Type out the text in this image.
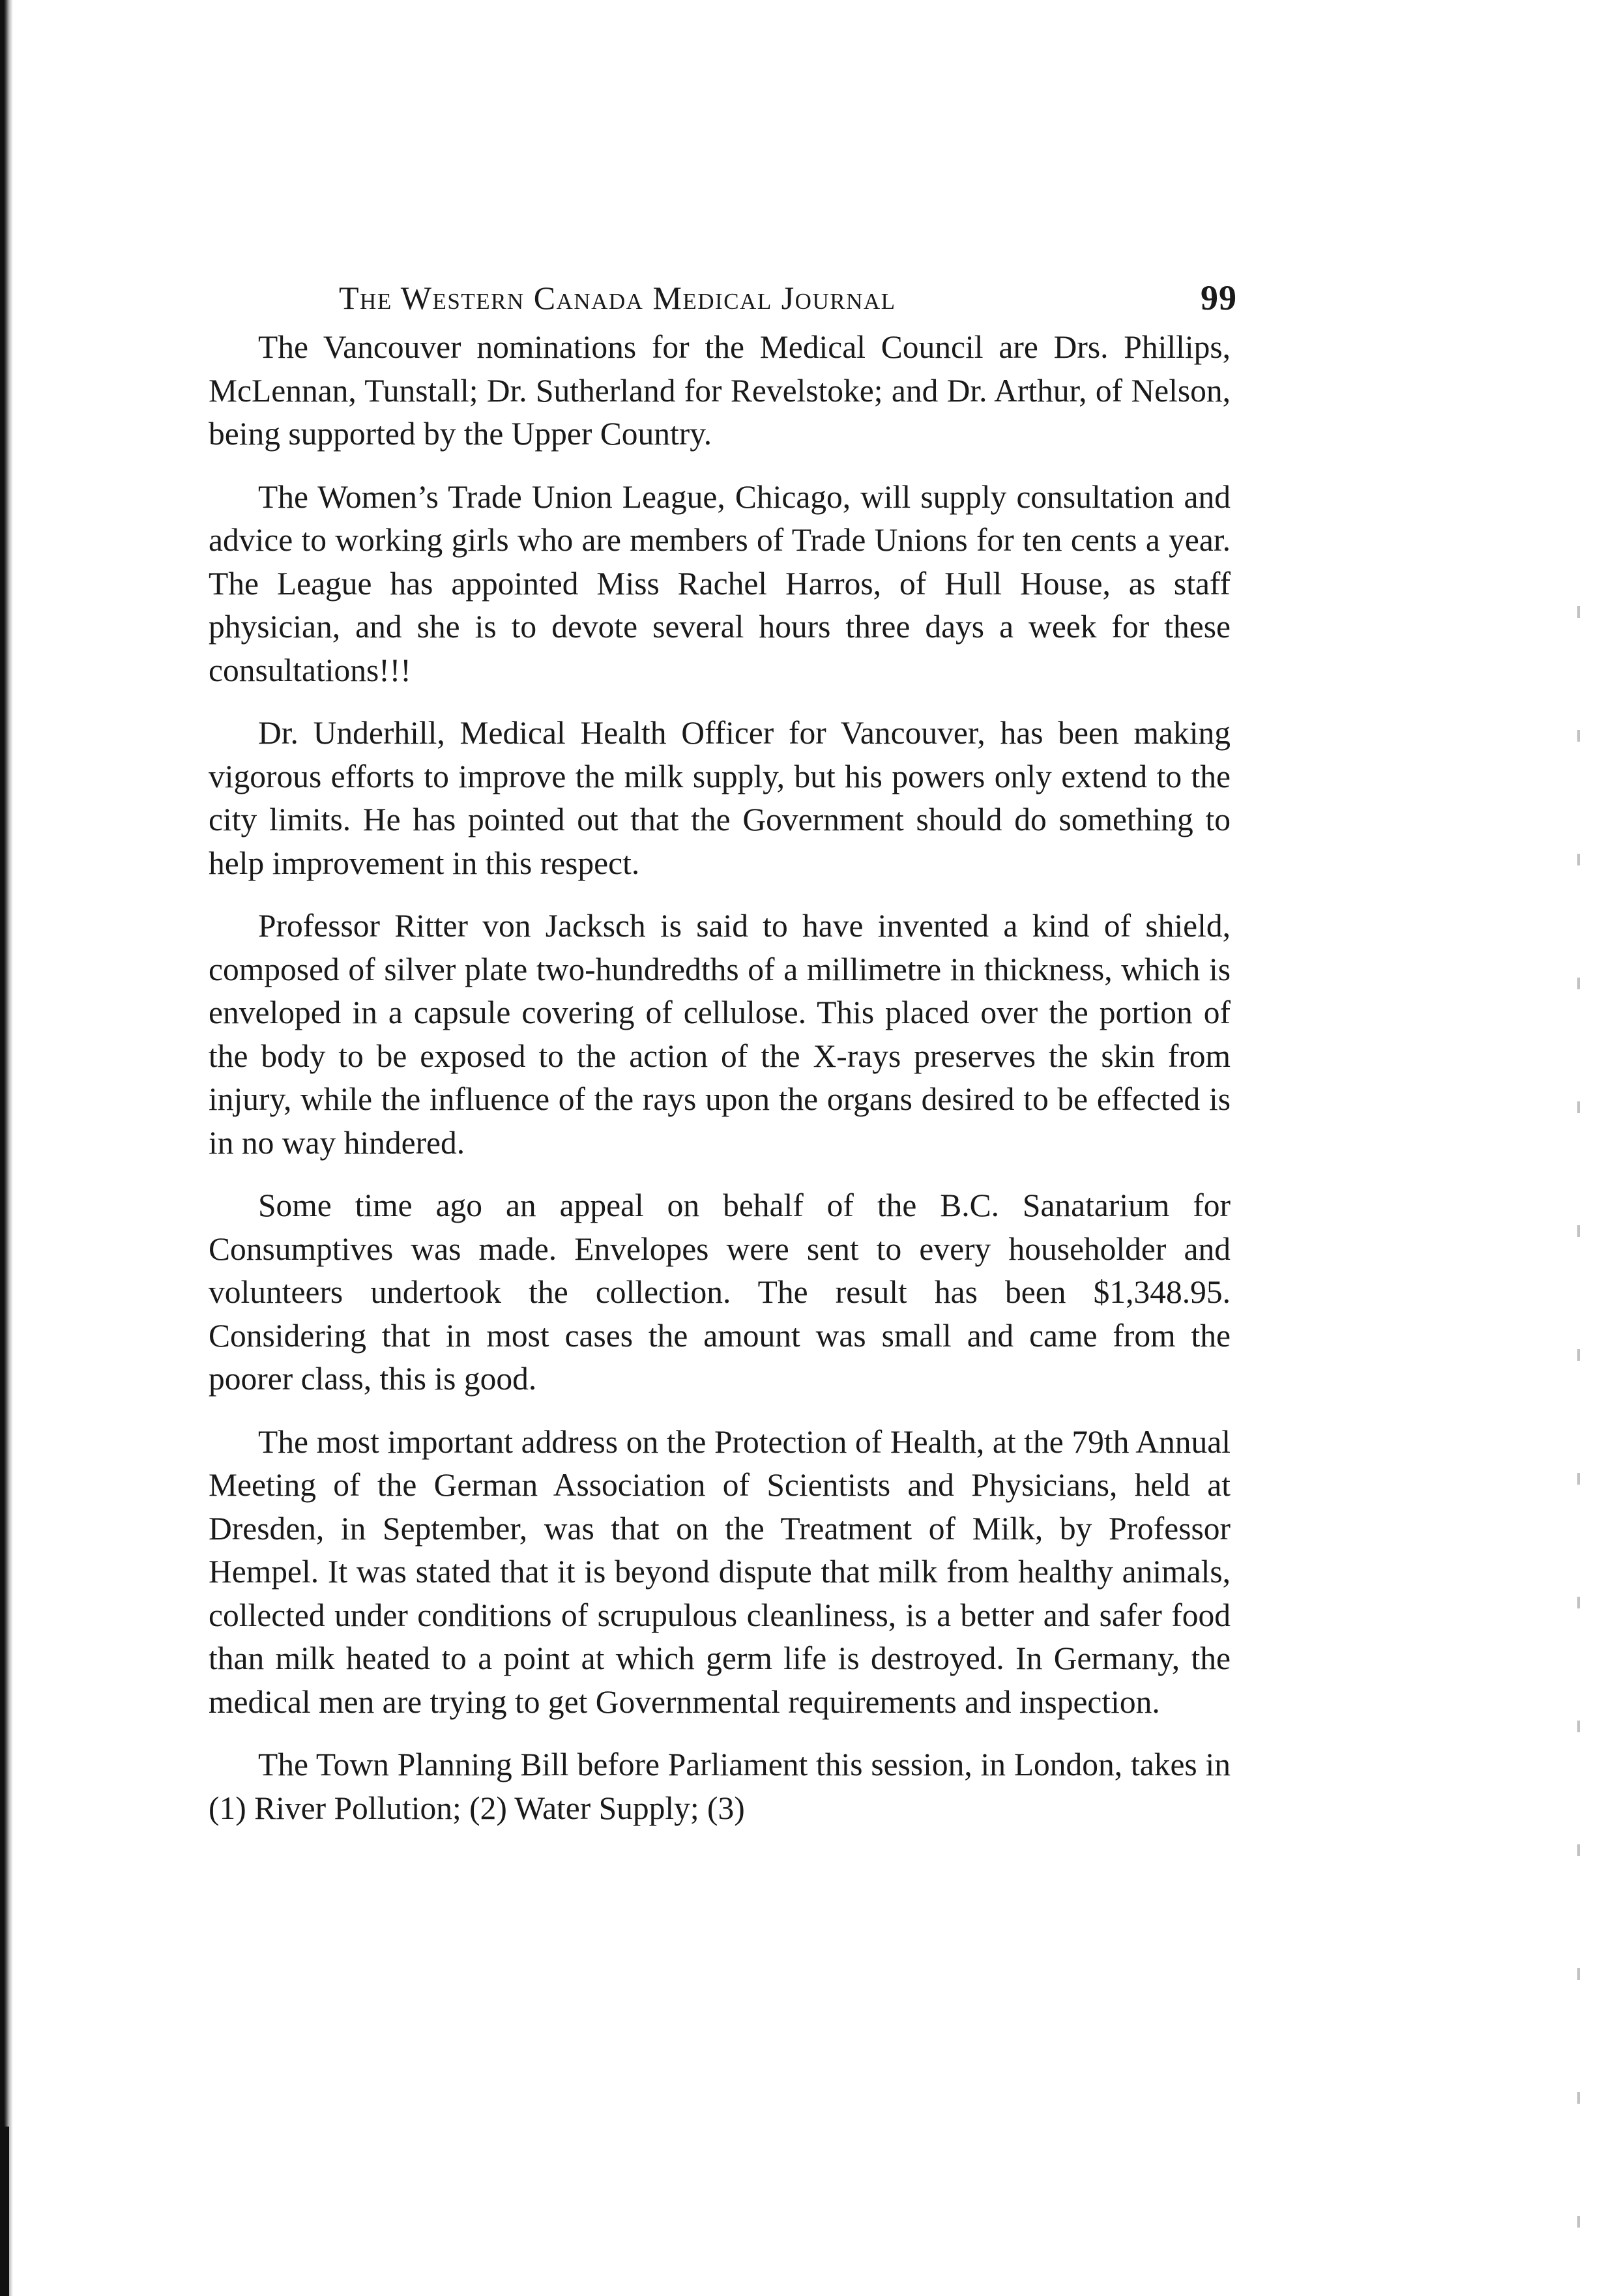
The Western Canada Medical Journal	99

The Vancouver nominations for the Medical Council are Drs. Phillips, McLennan, Tunstall; Dr. Sutherland for Revelstoke; and Dr. Arthur, of Nelson, being supported by the Upper Country.

The Women’s Trade Union League, Chicago, will supply consultation and advice to working girls who are members of Trade Unions for ten cents a year. The League has appointed Miss Rachel Harros, of Hull House, as staff physician, and she is to devote several hours three days a week for these consultations!!!

Dr. Underhill, Medical Health Officer for Vancouver, has been making vigorous efforts to improve the milk supply, but his powers only extend to the city limits. He has pointed out that the Government should do something to help improvement in this respect.

Professor Ritter von Jacksch is said to have invented a kind of shield, composed of silver plate two-hundredths of a millimetre in thickness, which is enveloped in a capsule covering of cellulose. This placed over the portion of the body to be exposed to the action of the X-rays preserves the skin from injury, while the influence of the rays upon the organs desired to be effected is in no way hindered.

Some time ago an appeal on behalf of the B.C. Sanatarium for Consumptives was made. Envelopes were sent to every householder and volunteers undertook the collection. The result has been $1,348.95. Considering that in most cases the amount was small and came from the poorer class, this is good.

The most important address on the Protection of Health, at the 79th Annual Meeting of the German Association of Scientists and Physicians, held at Dresden, in September, was that on the Treatment of Milk, by Professor Hempel. It was stated that it is beyond dispute that milk from healthy animals, collected under conditions of scrupulous cleanliness, is a better and safer food than milk heated to a point at which germ life is destroyed. In Germany, the medical men are trying to get Governmental requirements and inspection.

The Town Planning Bill before Parliament this session, in London, takes in (1) River Pollution; (2) Water Supply; (3)
